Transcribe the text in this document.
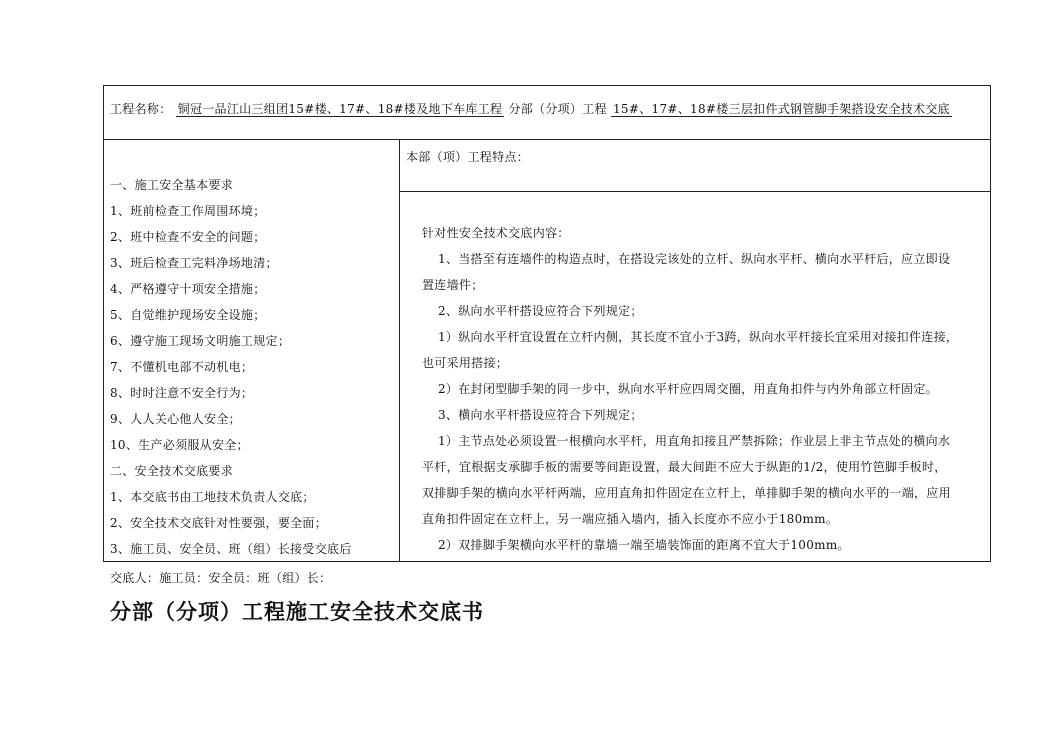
工程名称： 铜冠一品江山三组团15#楼、17#、18#楼及地下车库工程 分部（分项）工程 15#、17#、18#楼三层扣件式钢管脚手架搭设安全技术交底
一、施工安全基本要求
1、班前检查工作周围环境；
2、班中检查不安全的问题；
3、班后检查工完料净场地清；
4、严格遵守十项安全措施；
5、自觉维护现场安全设施；
6、遵守施工现场文明施工规定；
7、不懂机电部不动机电；
8、时时注意不安全行为；
9、人人关心他人安全；
10、生产必须服从安全；
二、安全技术交底要求
1、本交底书由工地技术负责人交底；
2、安全技术交底针对性要强，要全面；
3、施工员、安全员、班（组）长接受交底后
本部（项）工程特点：
针对性安全技术交底内容：
1、当搭至有连墙件的构造点时，在搭设完该处的立杆、纵向水平杆、横向水平杆后，应立即设
置连墙件；
2、纵向水平杆搭设应符合下列规定；
1）纵向水平杆宜设置在立杆内侧，其长度不宜小于3跨，纵向水平杆接长宜采用对接扣件连接，
也可采用搭接；
2）在封闭型脚手架的同一步中，纵向水平杆应四周交圈，用直角扣件与内外角部立杆固定。
3、横向水平杆搭设应符合下列规定；
1）主节点处必须设置一根横向水平杆，用直角扣接且严禁拆除；作业层上非主节点处的横向水
平杆，宜根据支承脚手板的需要等间距设置，最大间距不应大于纵距的1/2，使用竹笆脚手板时，
双排脚手架的横向水平杆两端，应用直角扣件固定在立杆上，单排脚手架的横向水平的一端，应用
直角扣件固定在立杆上，另一端应插入墙内，插入长度亦不应小于180mm。
2）双排脚手架横向水平杆的靠墙一端至墙装饰面的距离不宜大于100mm。
交底人：施工员：安全员：班（组）长：
分部（分项）工程施工安全技术交底书
